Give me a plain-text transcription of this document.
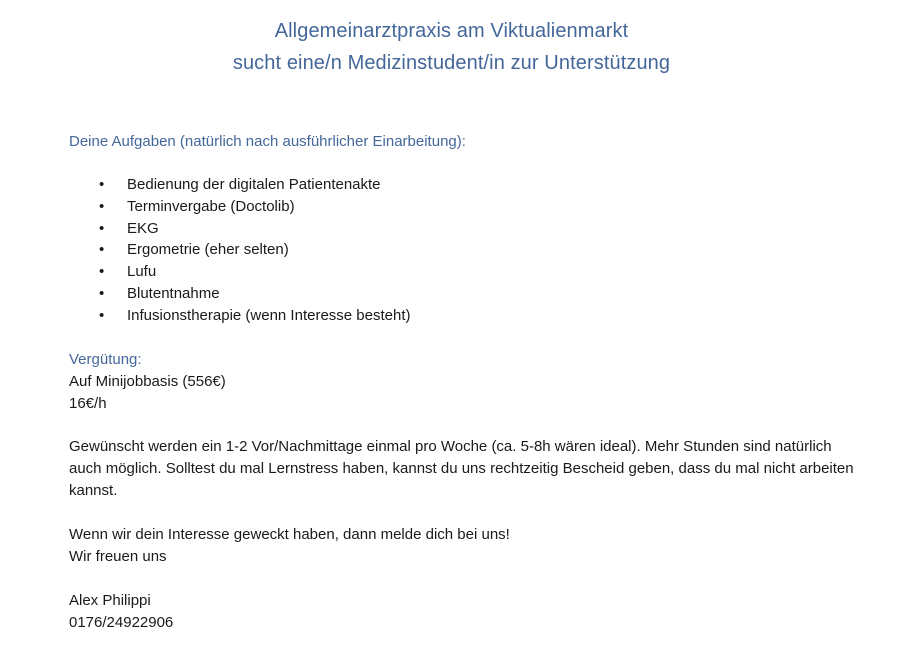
Allgemeinarztpraxis am Viktualienmarkt
sucht eine/n Medizinstudent/in zur Unterstützung
Deine Aufgaben (natürlich nach ausführlicher Einarbeitung):
• Bedienung der digitalen Patientenakte
• Terminvergabe (Doctolib)
• EKG
• Ergometrie (eher selten)
• Lufu
• Blutentnahme
• Infusionstherapie (wenn Interesse besteht)
Vergütung:
Auf Minijobbasis (556€)
16€/h
Gewünscht werden ein 1-2 Vor/Nachmittage einmal pro Woche (ca. 5-8h wären ideal). Mehr Stunden sind natürlich auch möglich. Solltest du mal Lernstress haben, kannst du uns rechtzeitig Bescheid geben, dass du mal nicht arbeiten kannst.
Wenn wir dein Interesse geweckt haben, dann melde dich bei uns!
Wir freuen uns
Alex Philippi
0176/24922906
